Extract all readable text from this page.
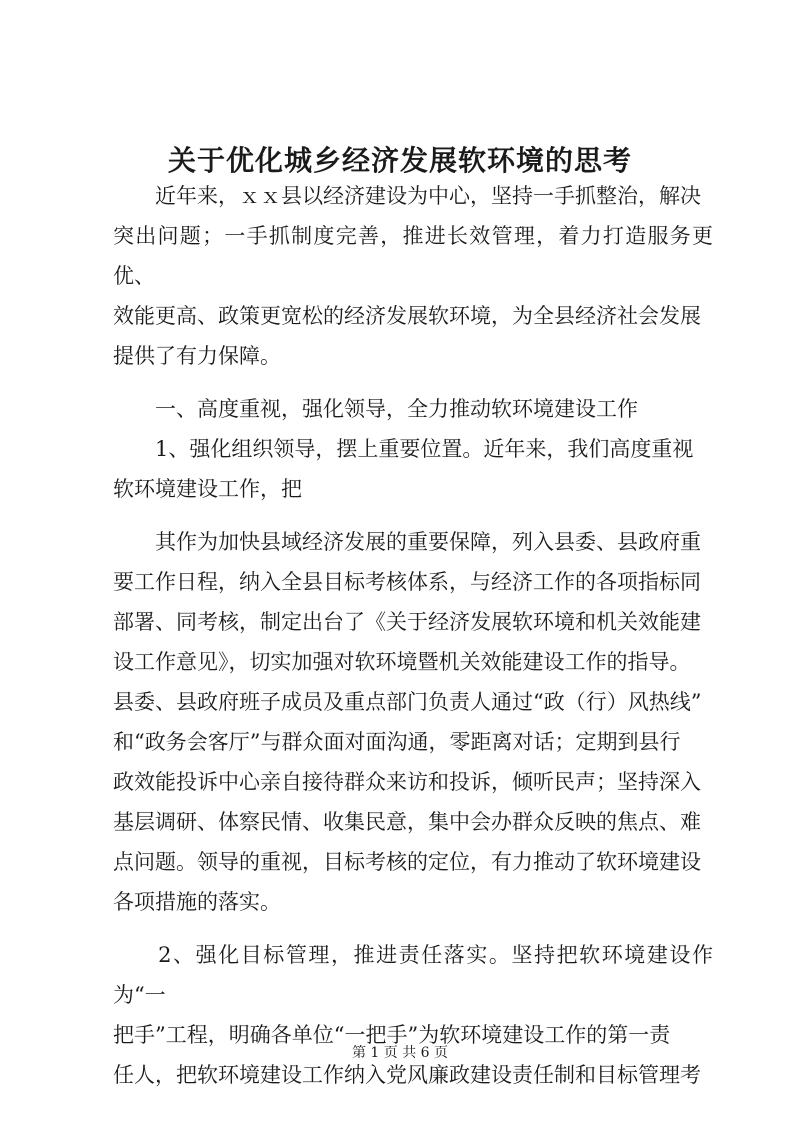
关于优化城乡经济发展软环境的思考

　　近年来，ｘｘ县以经济建设为中心，坚持一手抓整治，解决

突出问题；一手抓制度完善，推进长效管理，着力打造服务更优、

效能更高、政策更宽松的经济发展软环境，为全县经济社会发展

提供了有力保障。

　　一、高度重视，强化领导，全力推动软环境建设工作

　　1、强化组织领导，摆上重要位置。近年来，我们高度重视

软环境建设工作，把

　　其作为加快县域经济发展的重要保障，列入县委、县政府重

要工作日程，纳入全县目标考核体系，与经济工作的各项指标同

部署、同考核，制定出台了《关于经济发展软环境和机关效能建

设工作意见》，切实加强对软环境暨机关效能建设工作的指导。

县委、县政府班子成员及重点部门负责人通过“政（行）风热线”

和“政务会客厅”与群众面对面沟通，零距离对话；定期到县行

政效能投诉中心亲自接待群众来访和投诉，倾听民声；坚持深入

基层调研、体察民情、收集民意，集中会办群众反映的焦点、难

点问题。领导的重视，目标考核的定位，有力推动了软环境建设

各项措施的落实。

　　2、强化目标管理，推进责任落实。坚持把软环境建设作为“一

把手”工程，明确各单位“一把手”为软环境建设工作的第一责

任人，把软环境建设工作纳入党风廉政建设责任制和目标管理考

第 1 页 共 6 页
